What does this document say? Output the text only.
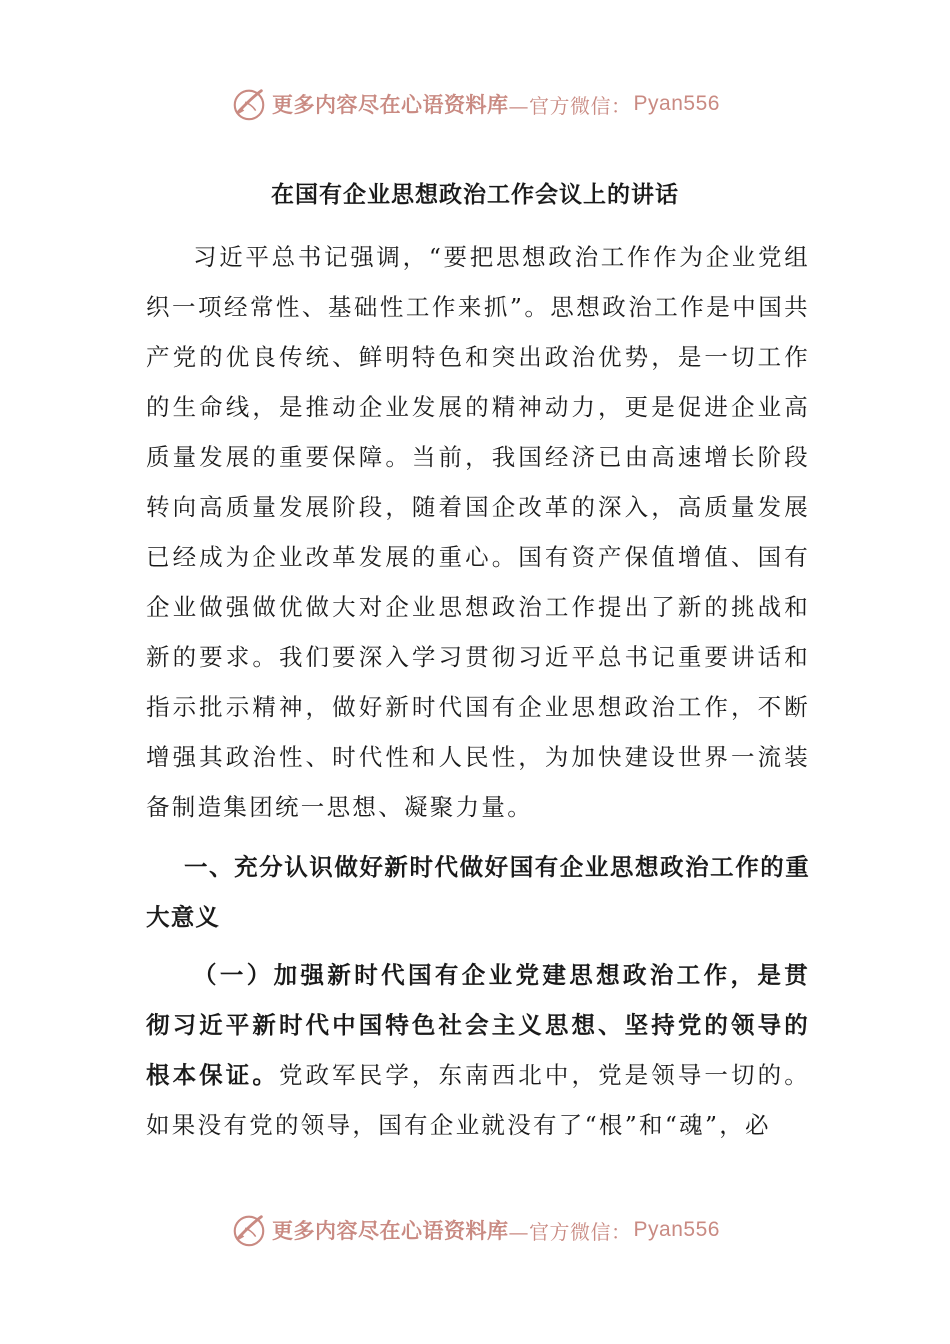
更多内容尽在心语资料库 —官方微信： Pyan556
在国有企业思想政治工作会议上的讲话

习近平总书记强调，“要把思想政治工作作为企业党组织一项经常性、基础性工作来抓”。思想政治工作是中国共产党的优良传统、鲜明特色和突出政治优势，是一切工作的生命线，是推动企业发展的精神动力，更是促进企业高质量发展的重要保障。当前，我国经济已由高速增长阶段转向高质量发展阶段，随着国企改革的深入，高质量发展已经成为企业改革发展的重心。国有资产保值增值、国有企业做强做优做大对企业思想政治工作提出了新的挑战和新的要求。我们要深入学习贯彻习近平总书记重要讲话和指示批示精神，做好新时代国有企业思想政治工作，不断增强其政治性、时代性和人民性，为加快建设世界一流装备制造集团统一思想、凝聚力量。

一、充分认识做好新时代做好国有企业思想政治工作的重大意义

（一）加强新时代国有企业党建思想政治工作，是贯彻习近平新时代中国特色社会主义思想、坚持党的领导的根本保证。党政军民学，东南西北中，党是领导一切的。如果没有党的领导，国有企业就没有了“根”和“魂”，必

更多内容尽在心语资料库 —官方微信： Pyan556
